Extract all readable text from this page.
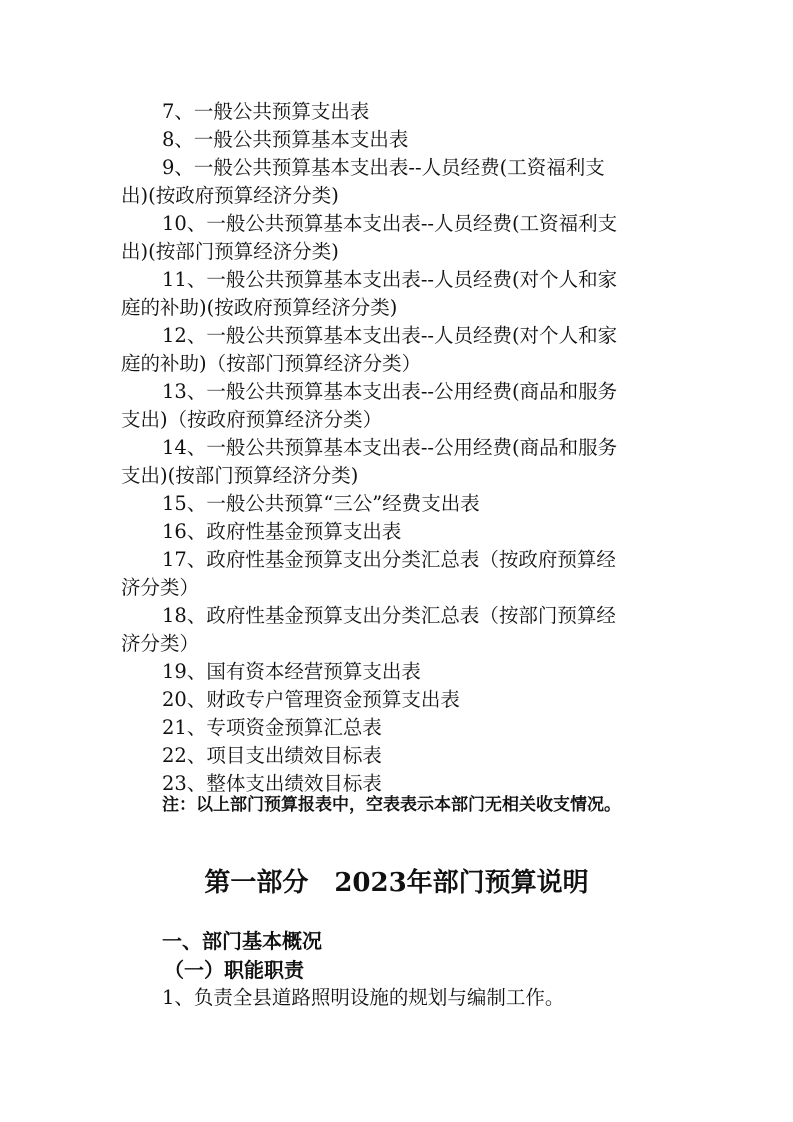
7、一般公共预算支出表
8、一般公共预算基本支出表
9、一般公共预算基本支出表--人员经费(工资福利支
出)(按政府预算经济分类)
10、一般公共预算基本支出表--人员经费(工资福利支
出)(按部门预算经济分类)
11、一般公共预算基本支出表--人员经费(对个人和家
庭的补助)(按政府预算经济分类)
12、一般公共预算基本支出表--人员经费(对个人和家
庭的补助)（按部门预算经济分类）
13、一般公共预算基本支出表--公用经费(商品和服务
支出)（按政府预算经济分类）
14、一般公共预算基本支出表--公用经费(商品和服务
支出)(按部门预算经济分类)
15、一般公共预算“三公”经费支出表
16、政府性基金预算支出表
17、政府性基金预算支出分类汇总表（按政府预算经
济分类）
18、政府性基金预算支出分类汇总表（按部门预算经
济分类）
19、国有资本经营预算支出表
20、财政专户管理资金预算支出表
21、专项资金预算汇总表
22、项目支出绩效目标表
23、整体支出绩效目标表
注：以上部门预算报表中，空表表示本部门无相关收支情况。
第一部分　2023年部门预算说明
一、部门基本概况
（一）职能职责
1、负责全县道路照明设施的规划与编制工作。
